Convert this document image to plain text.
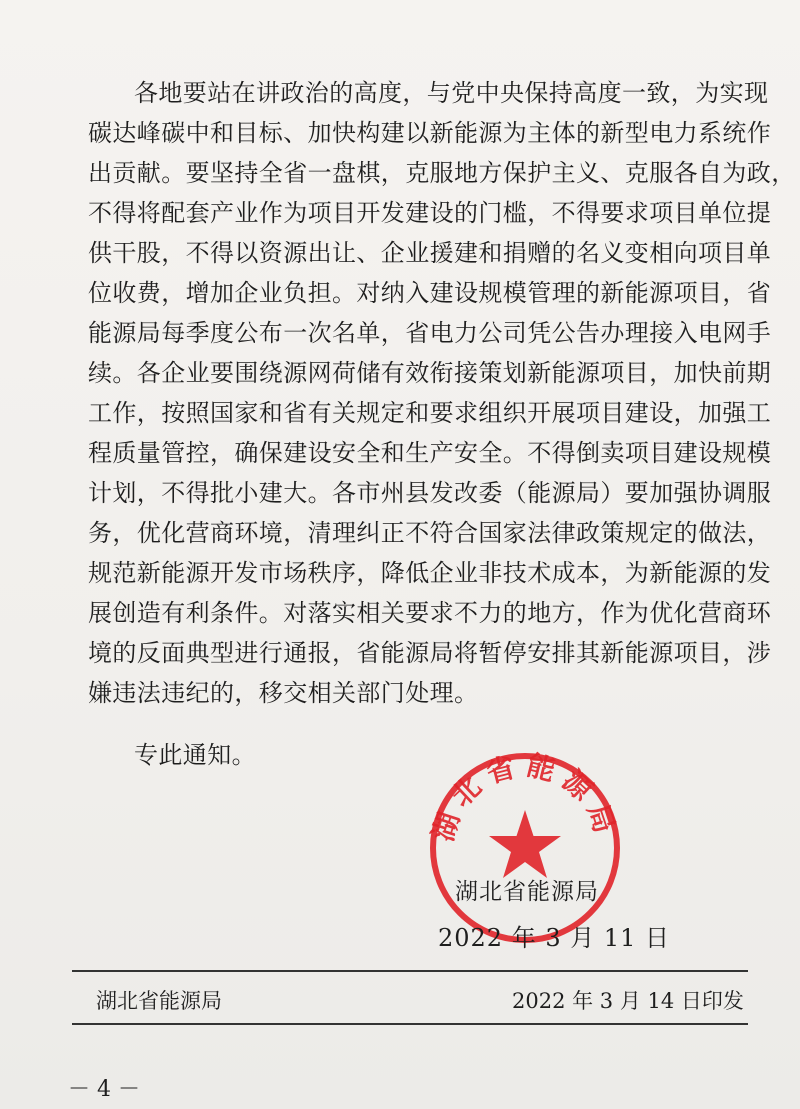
各地要站在讲政治的高度，与党中央保持高度一致，为实现
碳达峰碳中和目标、加快构建以新能源为主体的新型电力系统作
出贡献。要坚持全省一盘棋，克服地方保护主义、克服各自为政，
不得将配套产业作为项目开发建设的门槛，不得要求项目单位提
供干股，不得以资源出让、企业援建和捐赠的名义变相向项目单
位收费，增加企业负担。对纳入建设规模管理的新能源项目，省
能源局每季度公布一次名单，省电力公司凭公告办理接入电网手
续。各企业要围绕源网荷储有效衔接策划新能源项目，加快前期
工作，按照国家和省有关规定和要求组织开展项目建设，加强工
程质量管控，确保建设安全和生产安全。不得倒卖项目建设规模
计划，不得批小建大。各市州县发改委（能源局）要加强协调服
务，优化营商环境，清理纠正不符合国家法律政策规定的做法，
规范新能源开发市场秩序，降低企业非技术成本，为新能源的发
展创造有利条件。对落实相关要求不力的地方，作为优化营商环
境的反面典型进行通报，省能源局将暂停安排其新能源项目，涉
嫌违法违纪的，移交相关部门处理。
专此通知。
湖北省能源局
湖北省能源局
2022 年 3 月 11 日
湖北省能源局	2022 年 3 月 14 日印发
－ 4 －
